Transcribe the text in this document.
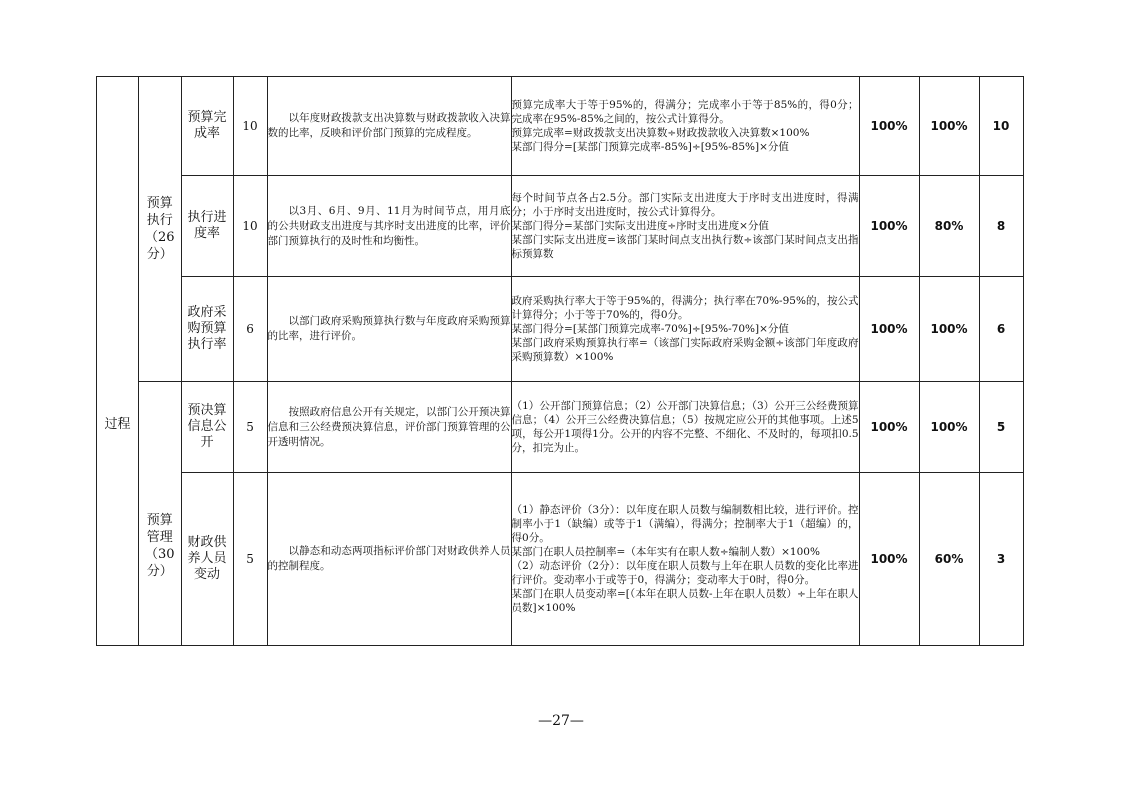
过程	预算执行（26分）	预算完成率	10	以年度财政拨款支出决算数与财政拨款收入决算数的比率，反映和评价部门预算的完成程度。	预算完成率大于等于95%的，得满分；完成率小于等于85%的，得0分；完成率在95%-85%之间的，按公式计算得分。
预算完成率=财政拨款支出决算数÷财政拨款收入决算数×100%
某部门得分=[某部门预算完成率-85%]÷[95%-85%]×分值	100%	100%	10

		执行进度率	10	以3月、6月、9月、11月为时间节点，用月底的公共财政支出进度与其序时支出进度的比率，评价部门预算执行的及时性和均衡性。	每个时间节点各占2.5分。部门实际支出进度大于序时支出进度时，得满分；小于序时支出进度时，按公式计算得分。
某部门得分=某部门实际支出进度÷序时支出进度×分值
某部门实际支出进度=该部门某时间点支出执行数÷该部门某时间点支出指标预算数	100%	80%	8

		政府采购预算执行率	6	以部门政府采购预算执行数与年度政府采购预算的比率，进行评价。	政府采购执行率大于等于95%的，得满分；执行率在70%-95%的，按公式计算得分；小于等于70%的，得0分。
某部门得分=[某部门预算完成率-70%]÷[95%-70%]×分值
某部门政府采购预算执行率=（该部门实际政府采购金额÷该部门年度政府采购预算数）×100%	100%	100%	6

	预算管理（30分）	预决算信息公开	5	按照政府信息公开有关规定，以部门公开预决算信息和三公经费预决算信息，评价部门预算管理的公开透明情况。	（1）公开部门预算信息；（2）公开部门决算信息；（3）公开三公经费预算信息；（4）公开三公经费决算信息；（5）按规定应公开的其他事项。上述5项，每公开1项得1分。公开的内容不完整、不细化、不及时的，每项扣0.5分，扣完为止。	100%	100%	5

		财政供养人员变动	5	以静态和动态两项指标评价部门对财政供养人员的控制程度。	（1）静态评价（3分）：以年度在职人员数与编制数相比较，进行评价。控制率小于1（缺编）或等于1（满编），得满分；控制率大于1（超编）的，得0分。
某部门在职人员控制率=（本年实有在职人数÷编制人数）×100%
（2）动态评价（2分）：以年度在职人员数与上年在职人员数的变化比率进行评价。变动率小于或等于0，得满分；变动率大于0时，得0分。
某部门在职人员变动率=[（本年在职人员数-上年在职人员数）÷上年在职人员数]×100%	100%	60%	3
—27—
